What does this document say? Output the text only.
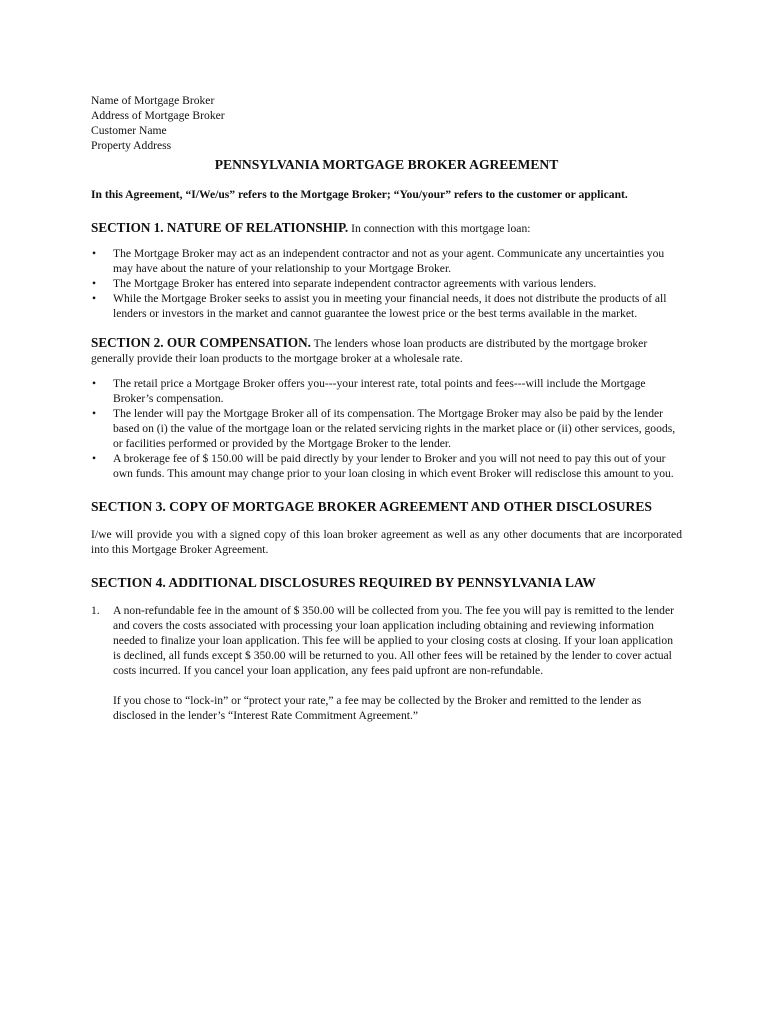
Name of Mortgage Broker
Address of Mortgage Broker
Customer Name
Property Address
PENNSYLVANIA MORTGAGE BROKER AGREEMENT
In this Agreement, “I/We/us” refers to the Mortgage Broker; “You/your” refers to the customer or applicant.
SECTION 1. NATURE OF RELATIONSHIP. In connection with this mortgage loan:
• The Mortgage Broker may act as an independent contractor and not as your agent. Communicate any uncertainties you may have about the nature of your relationship to your Mortgage Broker.
• The Mortgage Broker has entered into separate independent contractor agreements with various lenders.
• While the Mortgage Broker seeks to assist you in meeting your financial needs, it does not distribute the products of all lenders or investors in the market and cannot guarantee the lowest price or the best terms available in the market.
SECTION 2. OUR COMPENSATION. The lenders whose loan products are distributed by the mortgage broker generally provide their loan products to the mortgage broker at a wholesale rate.
• The retail price a Mortgage Broker offers you---your interest rate, total points and fees---will include the Mortgage Broker’s compensation.
• The lender will pay the Mortgage Broker all of its compensation. The Mortgage Broker may also be paid by the lender based on (i) the value of the mortgage loan or the related servicing rights in the market place or (ii) other services, goods, or facilities performed or provided by the Mortgage Broker to the lender.
• A brokerage fee of $ 150.00 will be paid directly by your lender to Broker and you will not need to pay this out of your own funds. This amount may change prior to your loan closing in which event Broker will redisclose this amount to you.
SECTION 3. COPY OF MORTGAGE BROKER AGREEMENT AND OTHER DISCLOSURES
I/we will provide you with a signed copy of this loan broker agreement as well as any other documents that are incorporated into this Mortgage Broker Agreement.
SECTION 4. ADDITIONAL DISCLOSURES REQUIRED BY PENNSYLVANIA LAW
1. A non-refundable fee in the amount of $ 350.00 will be collected from you. The fee you will pay is remitted to the lender and covers the costs associated with processing your loan application including obtaining and reviewing information needed to finalize your loan application. This fee will be applied to your closing costs at closing. If your loan application is declined, all funds except $ 350.00 will be returned to you. All other fees will be retained by the lender to cover actual costs incurred. If you cancel your loan application, any fees paid upfront are non-refundable.
If you chose to “lock-in” or “protect your rate,” a fee may be collected by the Broker and remitted to the lender as disclosed in the lender’s “Interest Rate Commitment Agreement.”
